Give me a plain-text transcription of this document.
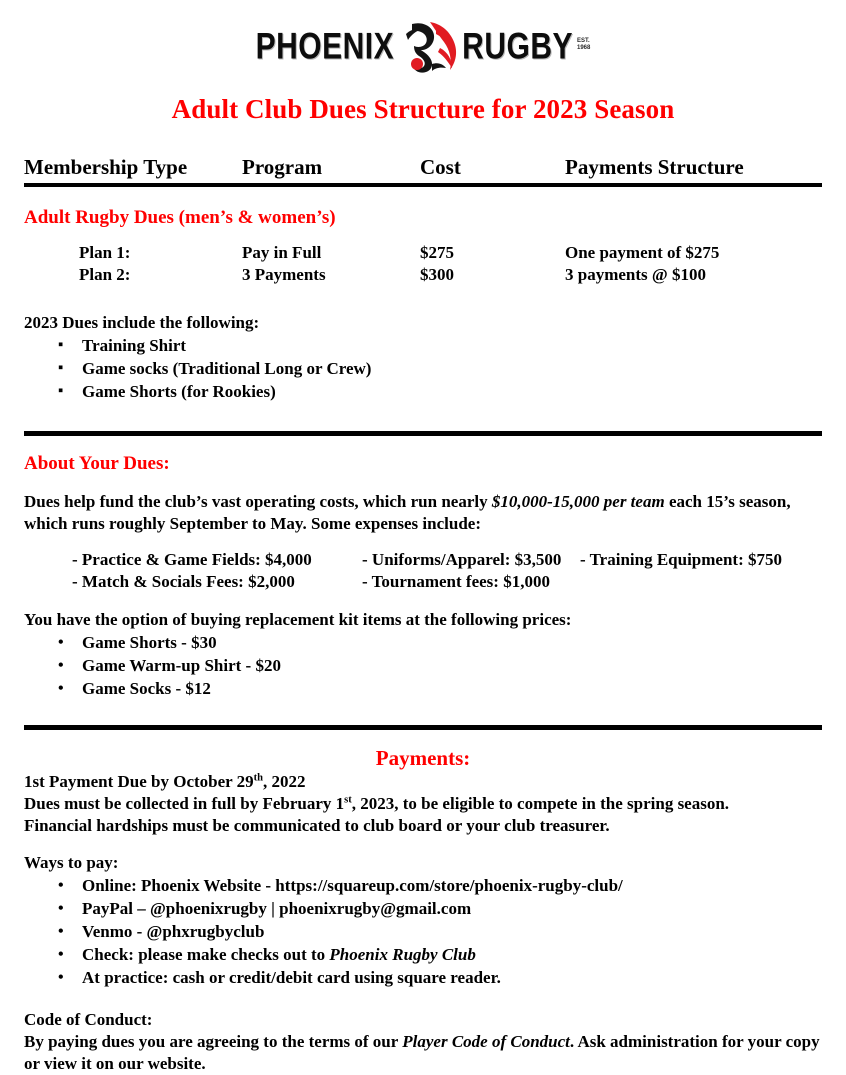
PHOENIX RUGBY EST.
1968
Adult Club Dues Structure for 2023 Season
Membership Type	Program	Cost	Payments Structure
Adult Rugby Dues (men’s & women’s)
Plan 1:	Pay in Full	$275	One payment of $275
Plan 2:	3 Payments	$300	3 payments @ $100
2023 Dues include the following:
▪ Training Shirt
▪ Game socks (Traditional Long or Crew)
▪ Game Shorts (for Rookies)
About Your Dues:
Dues help fund the club’s vast operating costs, which run nearly $10,000-15,000 per team each 15’s season, which runs roughly September to May. Some expenses include:
- Practice & Game Fields: $4,000
- Match & Socials Fees: $2,000
- Uniforms/Apparel: $3,500
- Tournament fees: $1,000
- Training Equipment: $750
You have the option of buying replacement kit items at the following prices:
• Game Shorts - $30
• Game Warm-up Shirt - $20
• Game Socks - $12
Payments:
1st Payment Due by October 29th, 2022
Dues must be collected in full by February 1st, 2023, to be eligible to compete in the spring season.
Financial hardships must be communicated to club board or your club treasurer.
Ways to pay:
• Online: Phoenix Website - https://squareup.com/store/phoenix-rugby-club/
• PayPal – @phoenixrugby | phoenixrugby@gmail.com
• Venmo - @phxrugbyclub
• Check: please make checks out to Phoenix Rugby Club
• At practice: cash or credit/debit card using square reader.
Code of Conduct:
By paying dues you are agreeing to the terms of our Player Code of Conduct. Ask administration for your copy or view it on our website.
